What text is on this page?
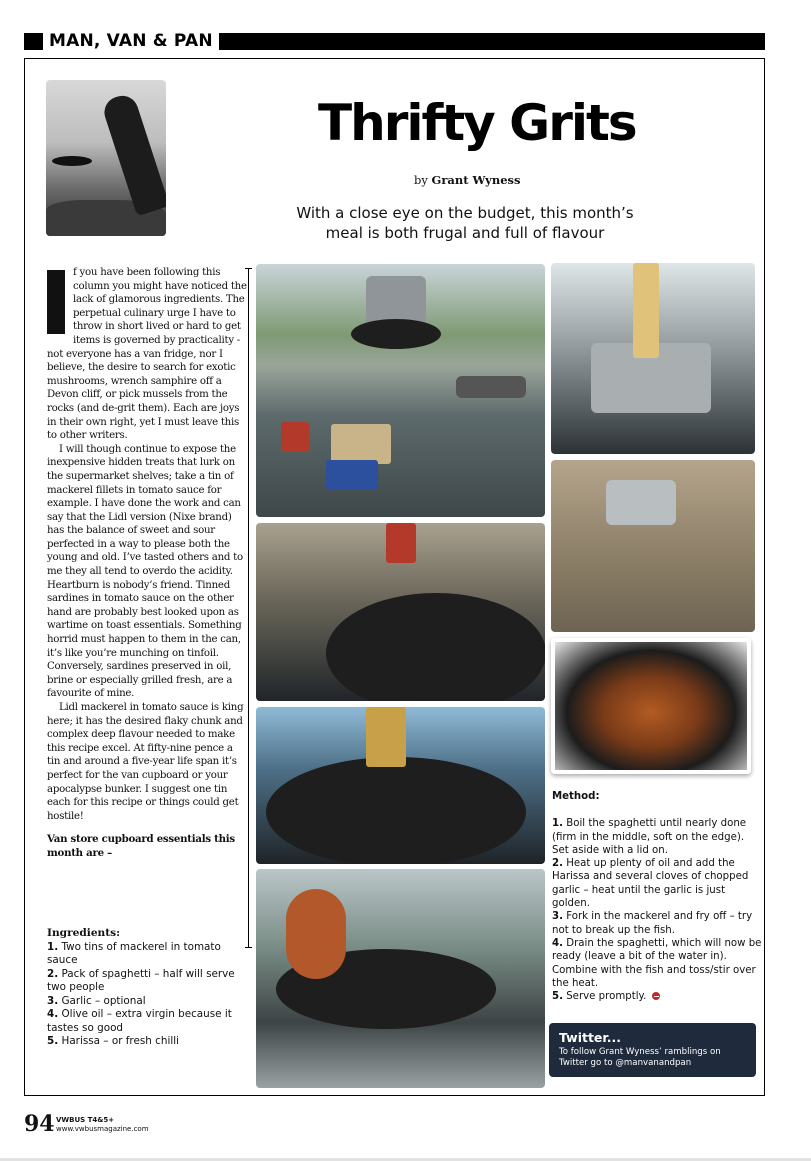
MAN, VAN & PAN
Thrifty Grits
by Grant Wyness

With a close eye on the budget, this month’s meal is both frugal and full of flavour

f you have been following this column you might have noticed the lack of glamorous ingredients. The perpetual culinary urge I have to throw in short lived or hard to get items is governed by practicality - not everyone has a van fridge, nor I believe, the desire to search for exotic mushrooms, wrench samphire off a Devon cliff, or pick mussels from the rocks (and de-grit them). Each are joys in their own right, yet I must leave this to other writers.

I will though continue to expose the inexpensive hidden treats that lurk on the supermarket shelves; take a tin of mackerel fillets in tomato sauce for example. I have done the work and can say that the Lidl version (Nixe brand) has the balance of sweet and sour perfected in a way to please both the young and old. I’ve tasted others and to me they all tend to overdo the acidity. Heartburn is nobody’s friend. Tinned sardines in tomato sauce on the other hand are probably best looked upon as wartime on toast essentials. Something horrid must happen to them in the can, it’s like you’re munching on tinfoil. Conversely, sardines preserved in oil, brine or especially grilled fresh, are a favourite of mine.

Lidl mackerel in tomato sauce is king here; it has the desired flaky chunk and complex deep flavour needed to make this recipe excel. At fifty-nine pence a tin and around a five-year life span it’s perfect for the van cupboard or your apocalypse bunker. I suggest one tin each for this recipe or things could get hostile!

Van store cupboard essentials this month are –

Ingredients:
1. Two tins of mackerel in tomato sauce
2. Pack of spaghetti – half will serve two people
3. Garlic – optional
4. Olive oil – extra virgin because it tastes so good
5. Harissa – or fresh chilli
Method:
1. Boil the spaghetti until nearly done (firm in the middle, soft on the edge). Set aside with a lid on.
2. Heat up plenty of oil and add the Harissa and several cloves of chopped garlic – heat until the garlic is just golden.
3. Fork in the mackerel and fry off – try not to break up the fish.
4. Drain the spaghetti, which will now be ready (leave a bit of the water in). Combine with the fish and toss/stir over the heat.
5. Serve promptly.
Twitter...
To follow Grant Wyness’ ramblings on Twitter go to @manvanandpan
94 VWBUS T4&5+
www.vwbusmagazine.com
